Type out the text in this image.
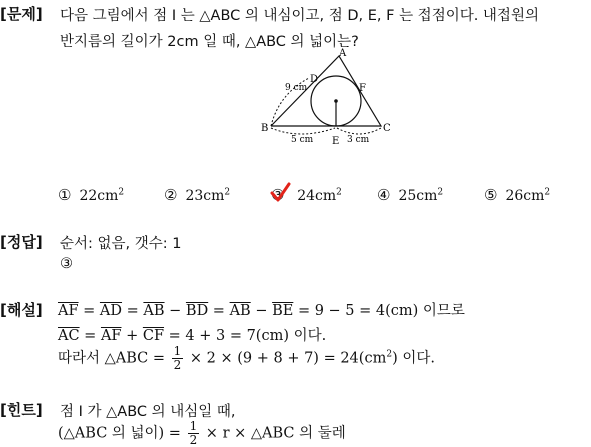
[문제] 다음 그림에서 점 I 는 △ABC 의 내심이고, 점 D, E, F 는 접점이다. 내접원의
반지름의 길이가 2cm 일 때, △ABC 의 넓이는?
A
D
F
B
E
C
9 cm
5 cm	3 cm
① $22cm^2$	② $23cm^2$	③ $24cm^2$ ④ $25cm^2$	⑤ $26cm^2$
[정답] 순서: 없음, 갯수: 1
③
[해설] $\overline{AF} = \overline{AD} = \overline{AB} - \overline{BD} = \overline{AB} - \overline{BE} = 9 - 5 = 4(cm)$ 이므로
$\overline{AC} = \overline{AF} + \overline{CF} = 4 + 3 = 7(cm)$ 이다.
따라서 △ABC = $\frac{1}{2} \times 2 \times (9 + 8 + 7) = 24(cm^2)$ 이다.
[힌트] 점 I 가 △ABC 의 내심일 때,
(△ABC 의 넓이) = $\frac{1}{2} \times r$ × △ABC 의 둘레
